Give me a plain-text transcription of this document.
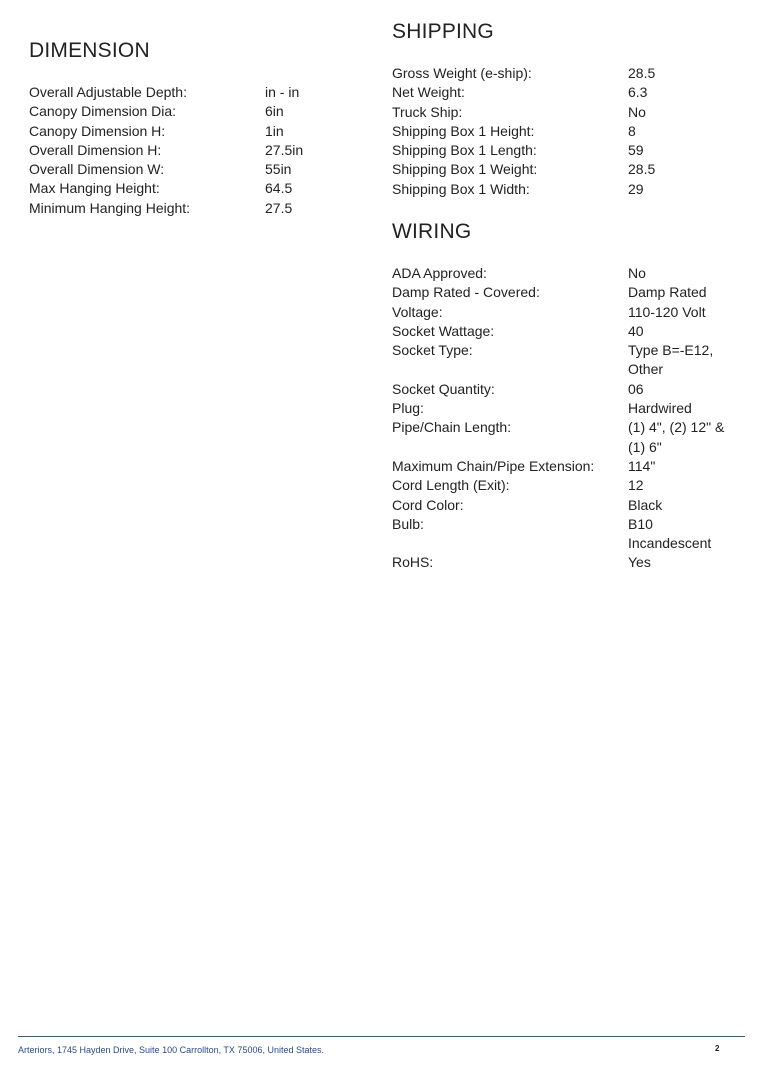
DIMENSION
Overall Adjustable Depth:	in - in
Canopy Dimension Dia:	6in
Canopy Dimension H:	1in
Overall Dimension H:	27.5in
Overall Dimension W:	55in
Max Hanging Height:	64.5
Minimum Hanging Height:	27.5
SHIPPING
Gross Weight (e-ship):	28.5
Net Weight:	6.3
Truck Ship:	No
Shipping Box 1 Height:	8
Shipping Box 1 Length:	59
Shipping Box 1 Weight:	28.5
Shipping Box 1 Width:	29
WIRING
ADA Approved:	No
Damp Rated - Covered:	Damp Rated
Voltage:	110-120 Volt
Socket Wattage:	40
Socket Type:	Type B=-E12, Other
Socket Quantity:	06
Plug:	Hardwired
Pipe/Chain Length:	(1) 4", (2) 12" & (1) 6"
Maximum Chain/Pipe Extension:	114"
Cord Length (Exit):	12
Cord Color:	Black
Bulb:	B10 Incandescent
RoHS:	Yes
Arteriors, 1745 Hayden Drive, Suite 100 Carrollton, TX 75006, United States.	2
